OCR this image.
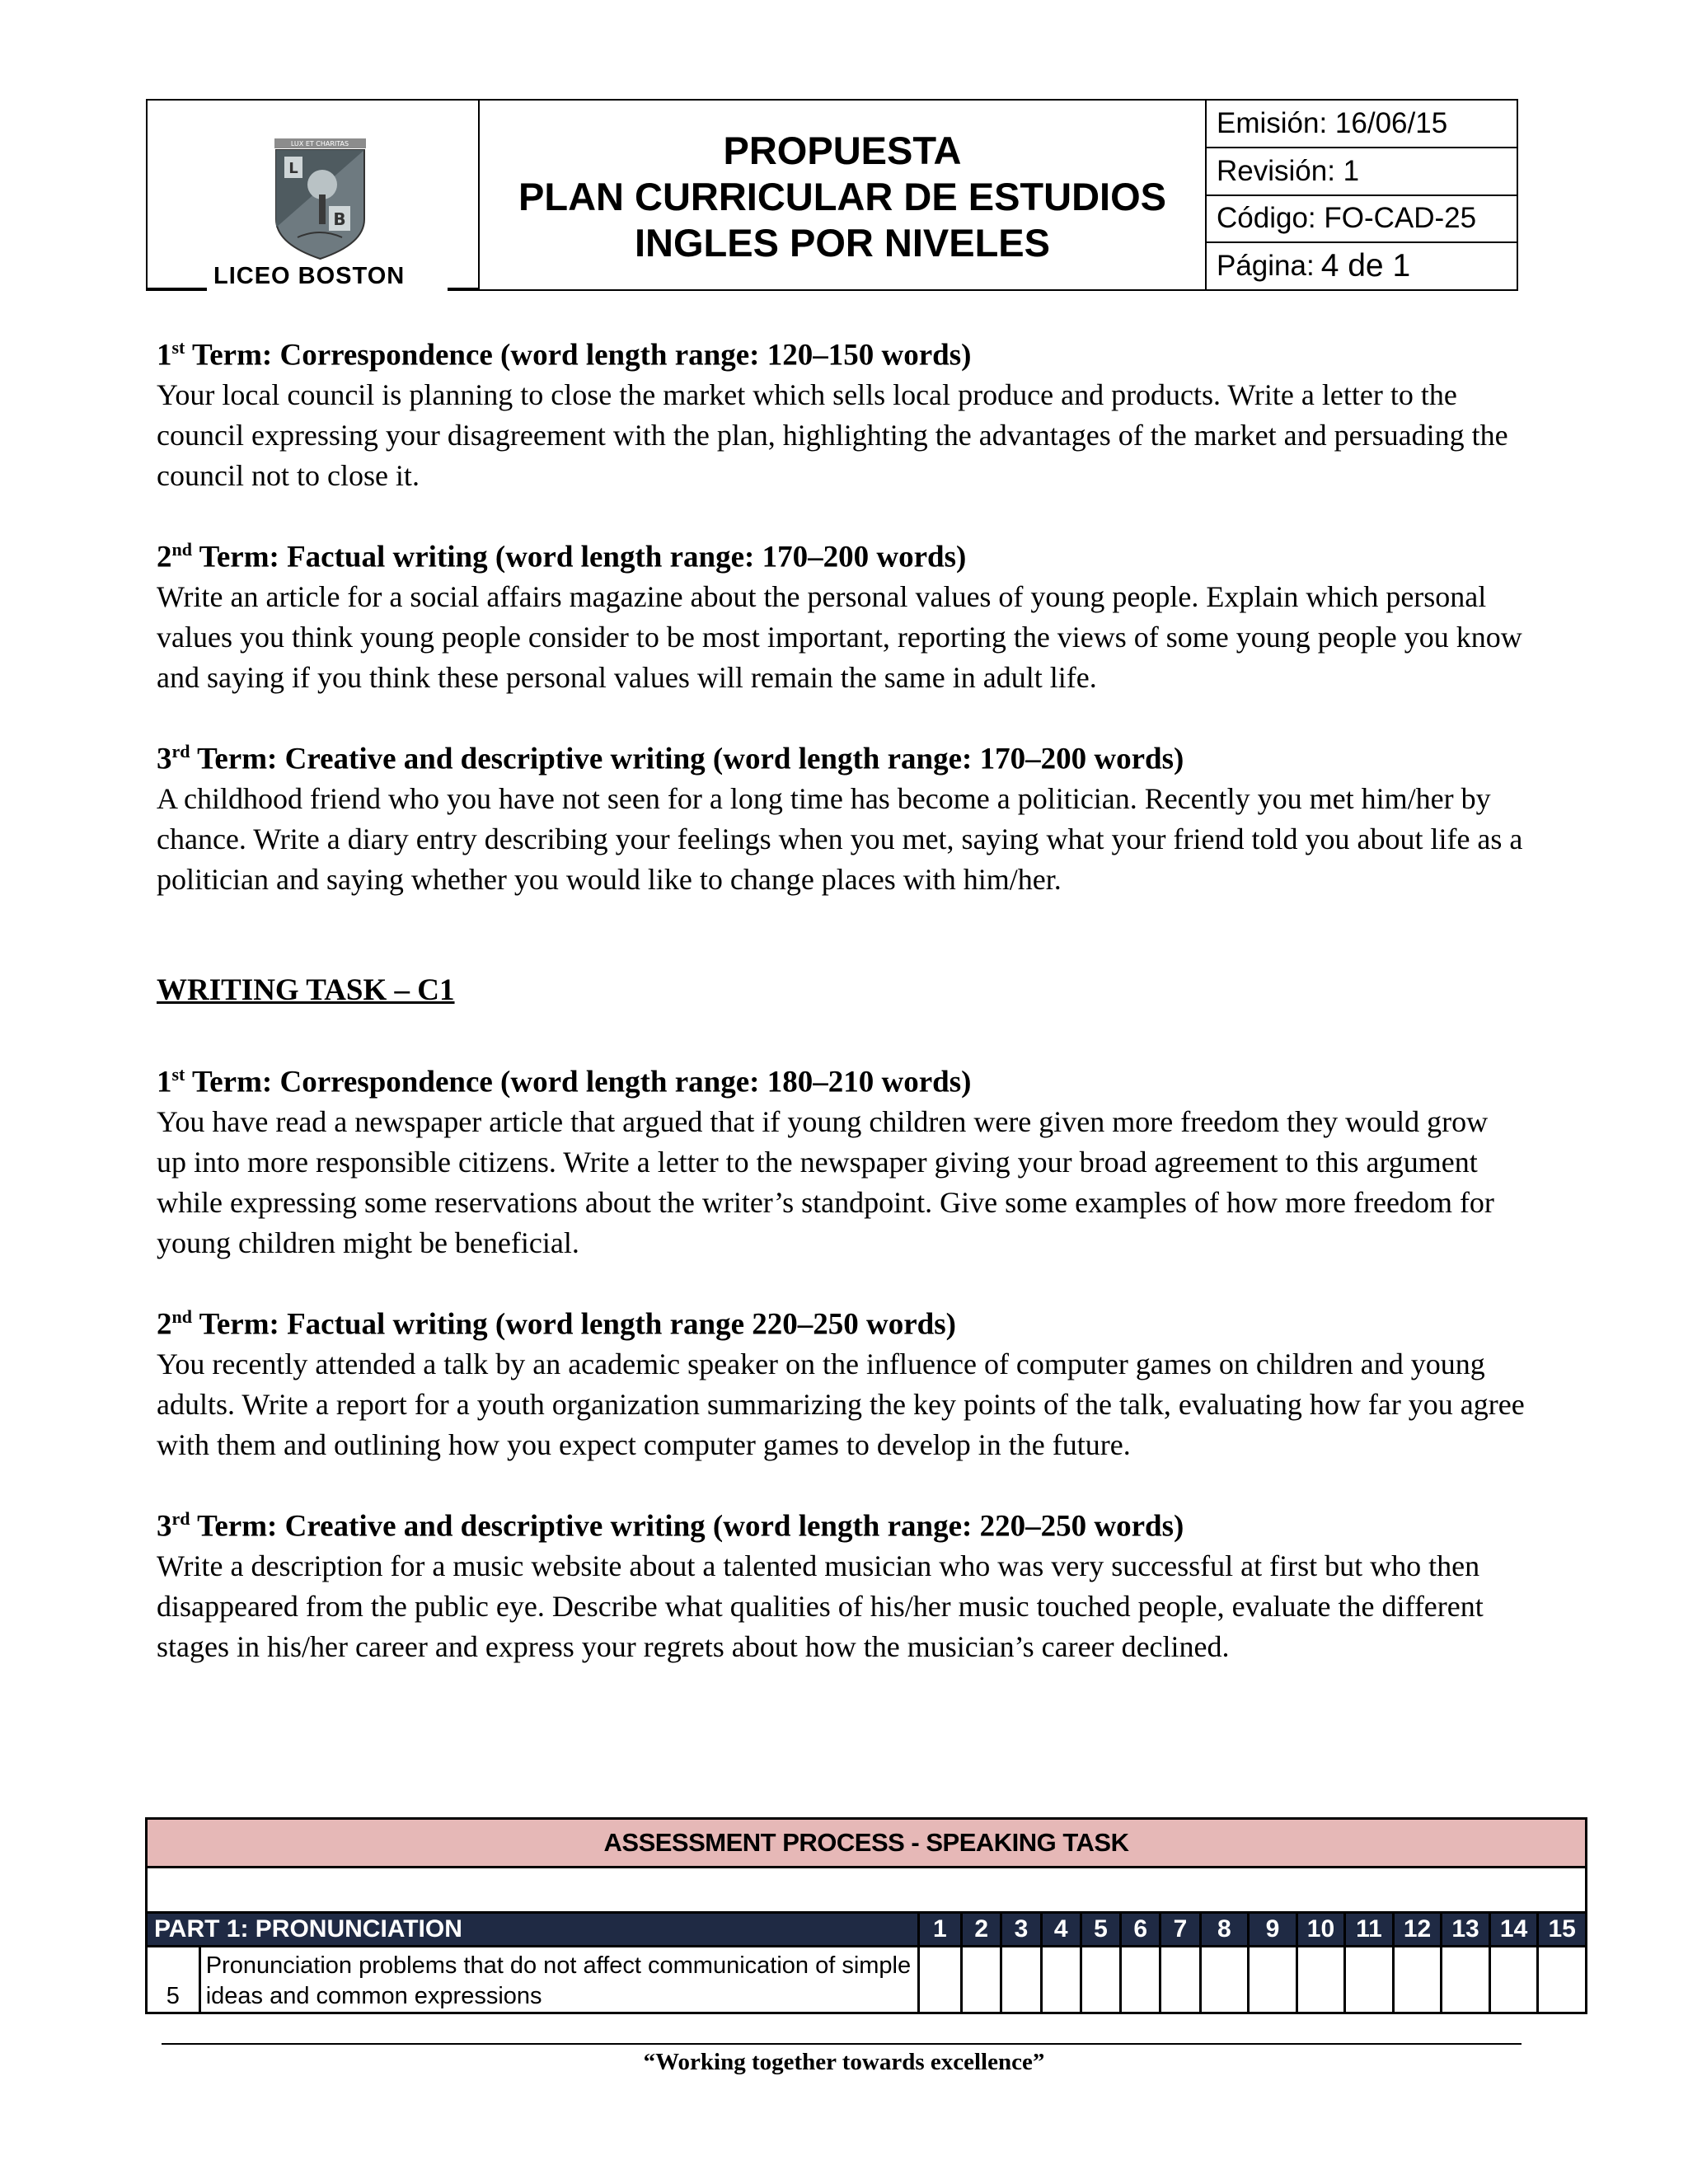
LUX ET CHARITAS
L
B
LICEO BOSTON
PROPUESTA
PLAN CURRICULAR DE ESTUDIOS
INGLES POR NIVELES
Emisión: 16/06/15
Revisión: 1
Código: FO-CAD-25
Página: 4 de 1
1st Term: Correspondence (word length range: 120–150 words)

Your local council is planning to close the market which sells local produce and products. Write a letter to the council expressing your disagreement with the plan, highlighting the advantages of the market and persuading the council not to close it.

2nd Term: Factual writing (word length range: 170–200 words)

Write an article for a social affairs magazine about the personal values of young people. Explain which personal values you think young people consider to be most important, reporting the views of some young people you know and saying if you think these personal values will remain the same in adult life.

3rd Term: Creative and descriptive writing (word length range: 170–200 words)

A childhood friend who you have not seen for a long time has become a politician. Recently you met him/her by chance. Write a diary entry describing your feelings when you met, saying what your friend told you about life as a politician and saying whether you would like to change places with him/her.

WRITING TASK – C1
1st Term: Correspondence (word length range: 180–210 words)

You have read a newspaper article that argued that if young children were given more freedom they would grow up into more responsible citizens. Write a letter to the newspaper giving your broad agreement to this argument while expressing some reservations about the writer’s standpoint. Give some examples of how more freedom for young children might be beneficial.

2nd Term: Factual writing (word length range 220–250 words)

You recently attended a talk by an academic speaker on the influence of computer games on children and young adults. Write a report for a youth organization summarizing the key points of the talk, evaluating how far you agree with them and outlining how you expect computer games to develop in the future.

3rd Term: Creative and descriptive writing (word length range: 220–250 words)

Write a description for a music website about a talented musician who was very successful at first but who then disappeared from the public eye. Describe what qualities of his/her music touched people, evaluate the different stages in his/her career and express your regrets about how the musician’s career declined.

ASSESSMENT PROCESS - SPEAKING TASK																

PART 1: PRONUNCIATION		1	2	3	4	5	6	7	8	9	10	11	12	13	14	15
5	Pronunciation problems that do not affect communication of simple
ideas and common expressions															

“Working together towards excellence”
